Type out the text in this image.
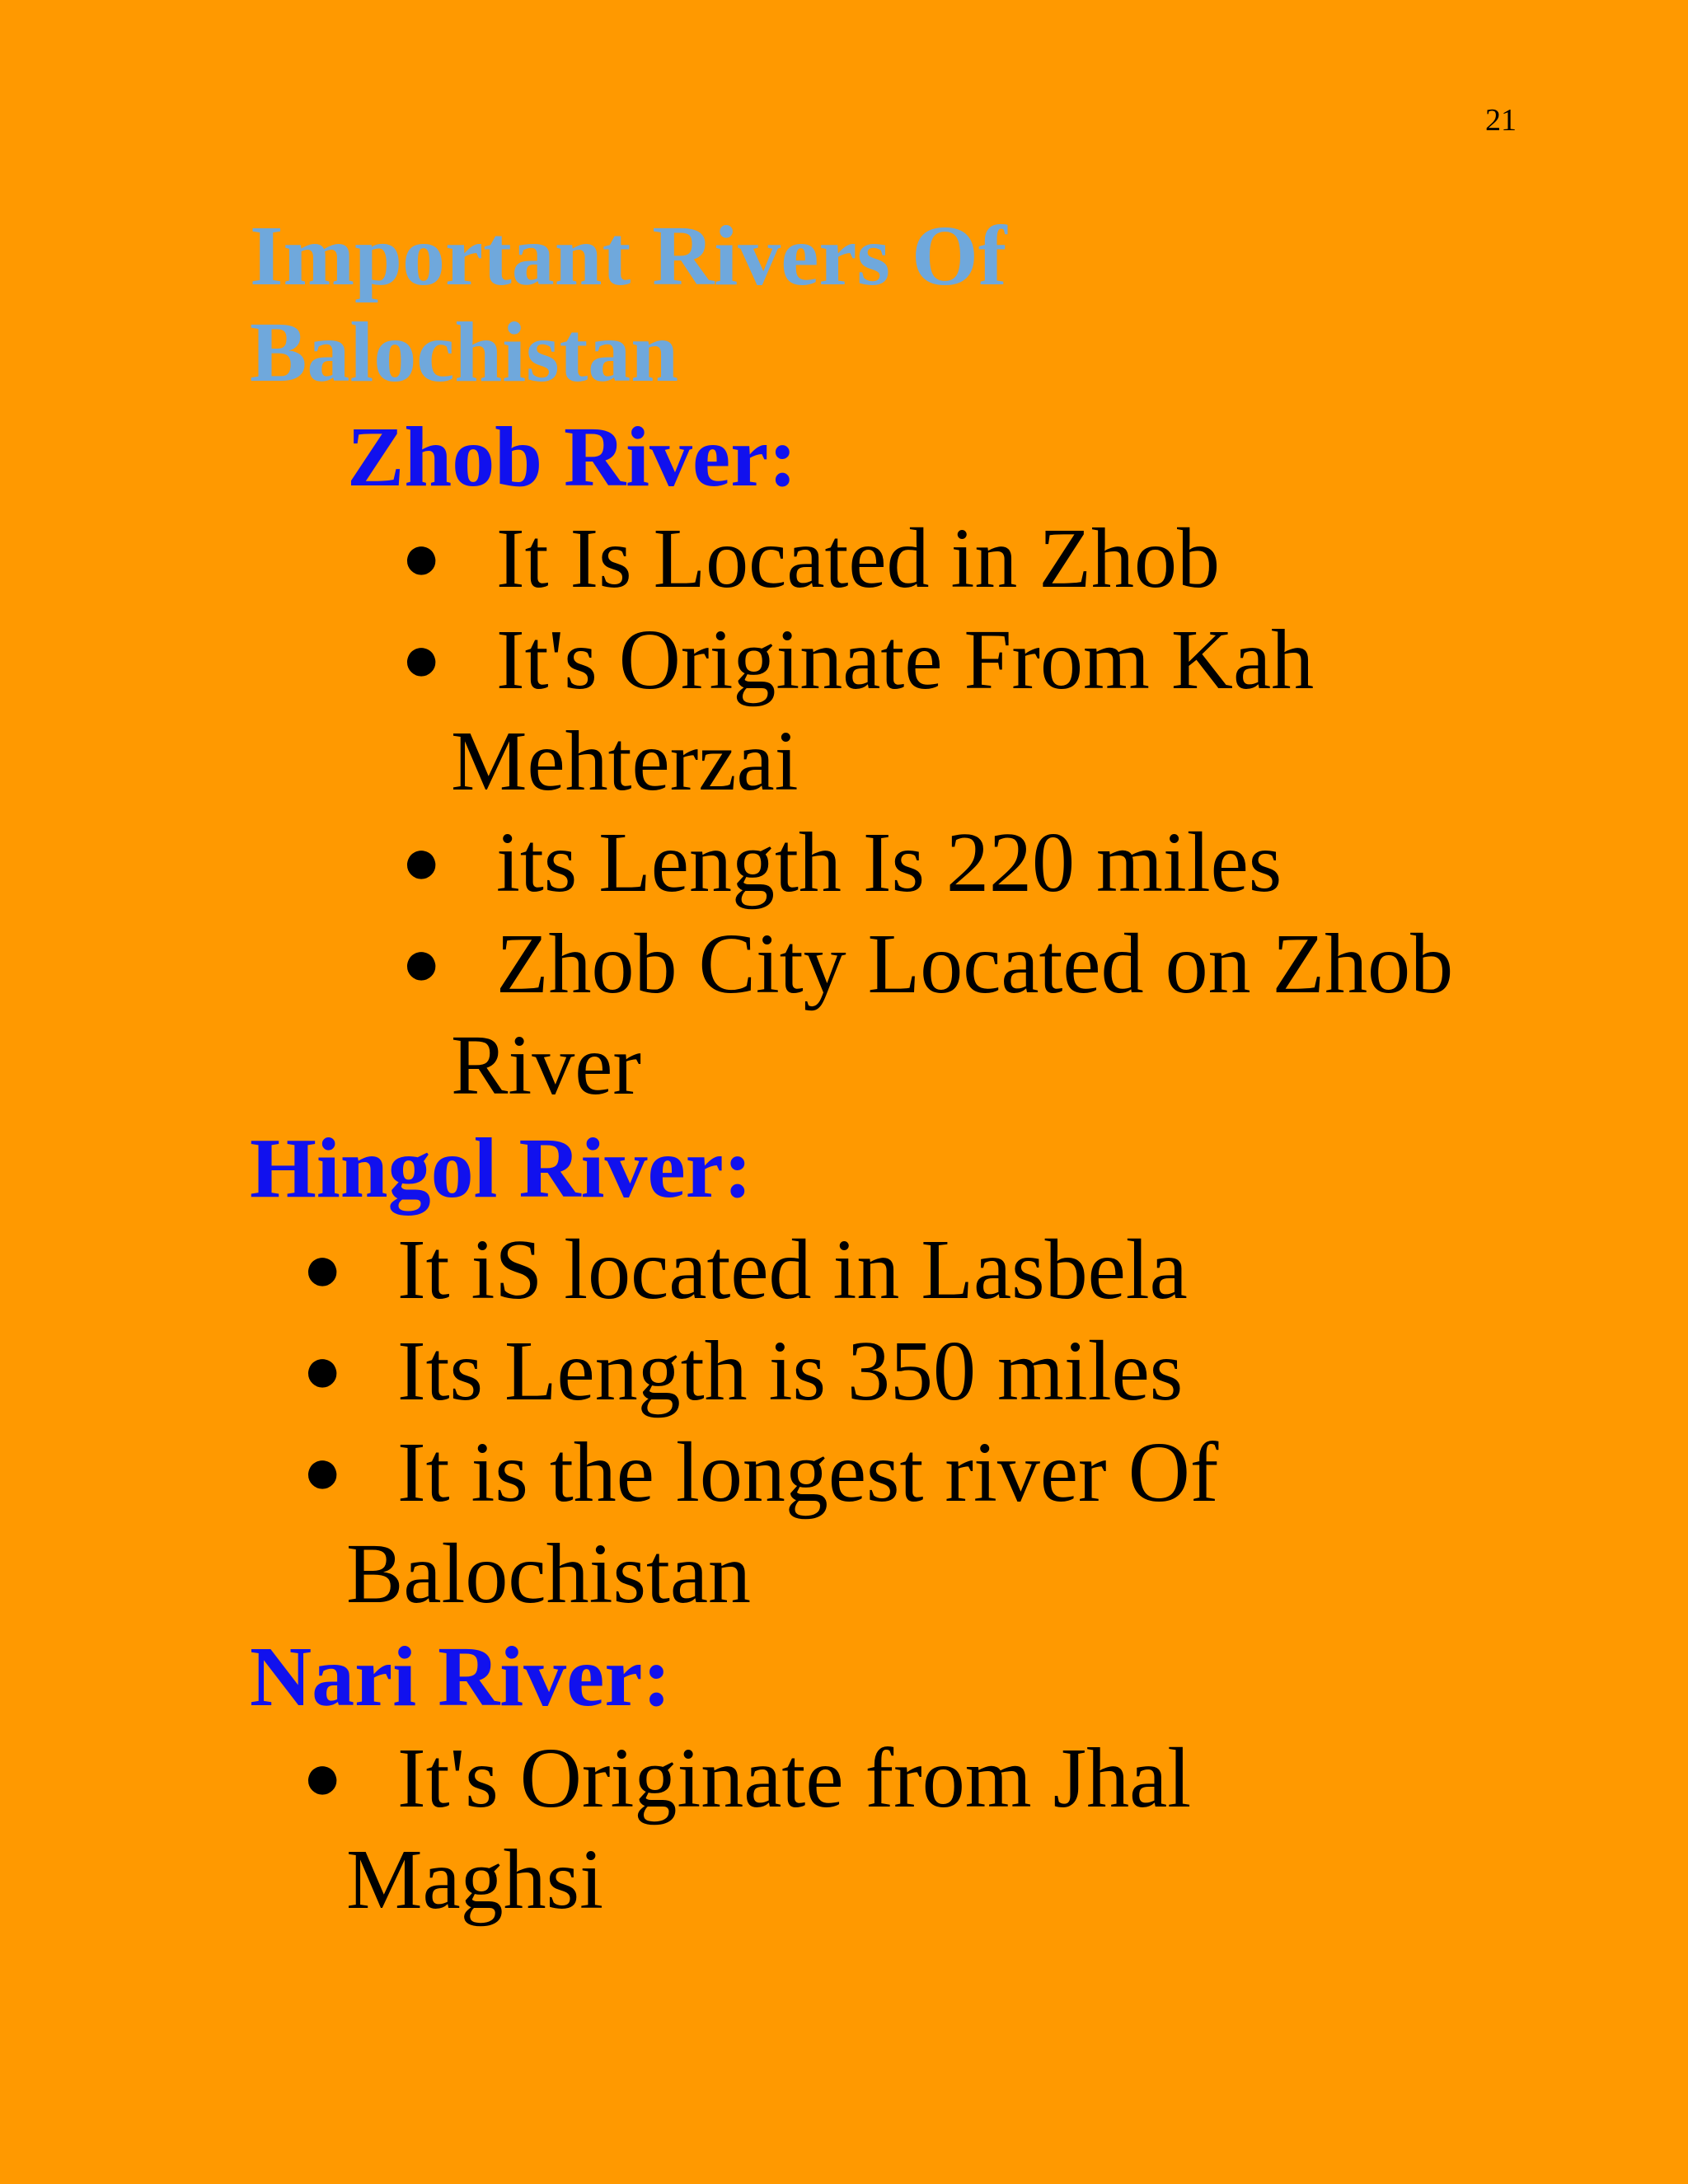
21
Important Rivers Of
Balochistan
Zhob River:
● It Is Located in Zhob
● It's Originate From Kah
Mehterzai
● its Length Is 220 miles
● Zhob City Located on Zhob
River
Hingol River:
● It iS located in Lasbela
● Its Length is 350 miles
● It is the longest river Of
Balochistan
Nari River:
● It's Originate from Jhal
Maghsi
